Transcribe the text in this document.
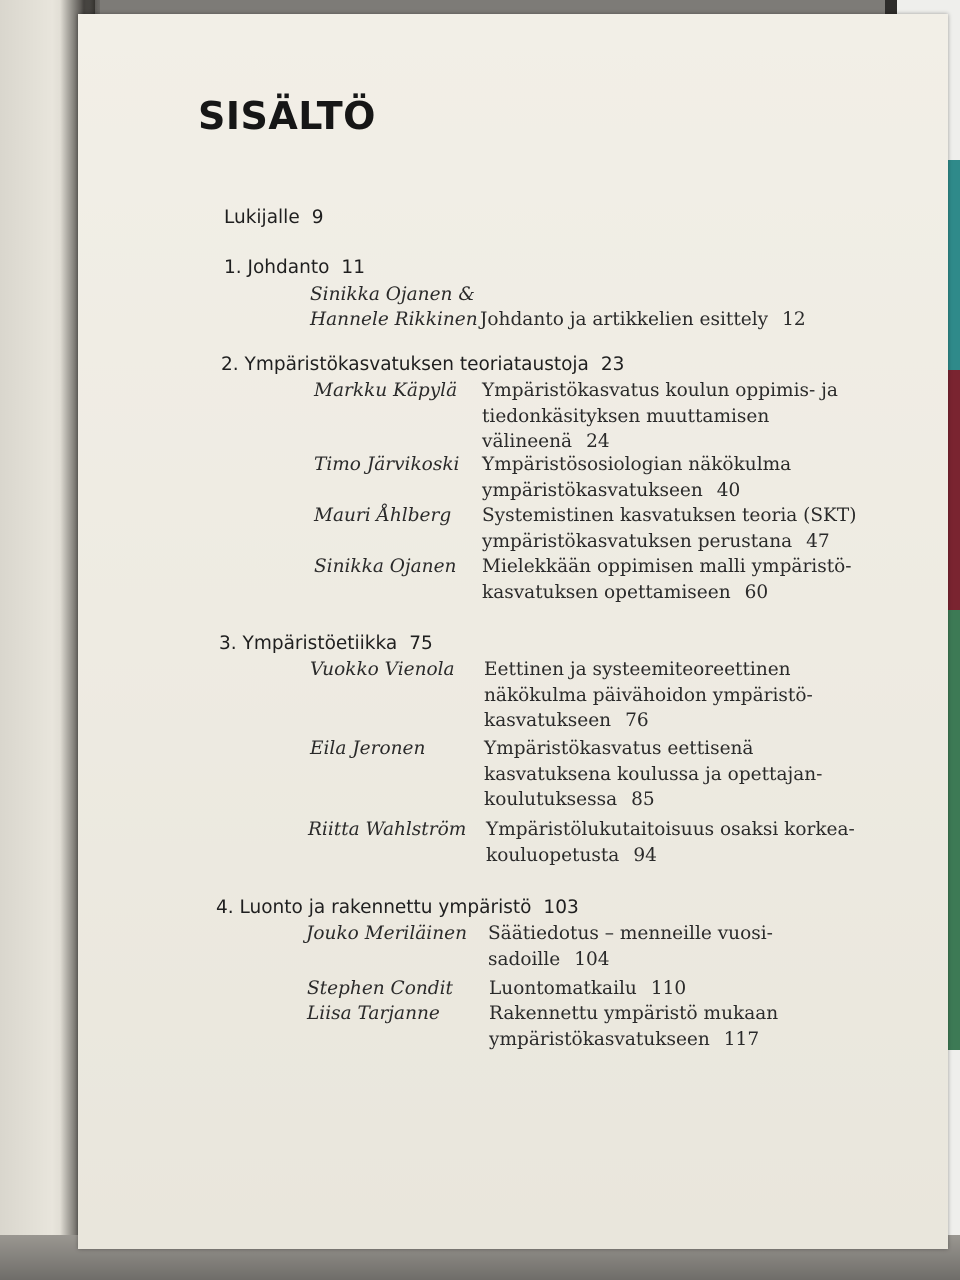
SISÄLTÖ
Lukijalle 9
1. Johdanto 11
Sinikka Ojanen &
Hannele Rikkinen Johdanto ja artikkelien esittely 12
2. Ympäristökasvatuksen teoriataustoja 23
Markku Käpylä	Ympäristökasvatus koulun oppimis- ja tiedonkäsityksen muuttamisen välineenä 24
Timo Järvikoski	Ympäristösosiologian näkökulma ympäristökasvatukseen 40
Mauri Åhlberg	Systemistinen kasvatuksen teoria (SKT) ympäristökasvatuksen perustana 47
Sinikka Ojanen	Mielekkään oppimisen malli ympäristö-kasvatuksen opettamiseen 60
3. Ympäristöetiikka 75
Vuokko Vienola	Eettinen ja systeemiteoreettinen näkökulma päivähoidon ympäristö-kasvatukseen 76
Eila Jeronen	Ympäristökasvatus eettisenä kasvatuksena koulussa ja opettajan-koulutuksessa 85
Riitta Wahlström	Ympäristölukutaitoisuus osaksi korkea-kouluopetusta 94
4. Luonto ja rakennettu ympäristö 103
Jouko Meriläinen	Säätiedotus – menneille vuosi-sadoille 104
Stephen Condit	Luontomatkailu 110
Liisa Tarjanne	Rakennettu ympäristö mukaan ympäristökasvatukseen 117
